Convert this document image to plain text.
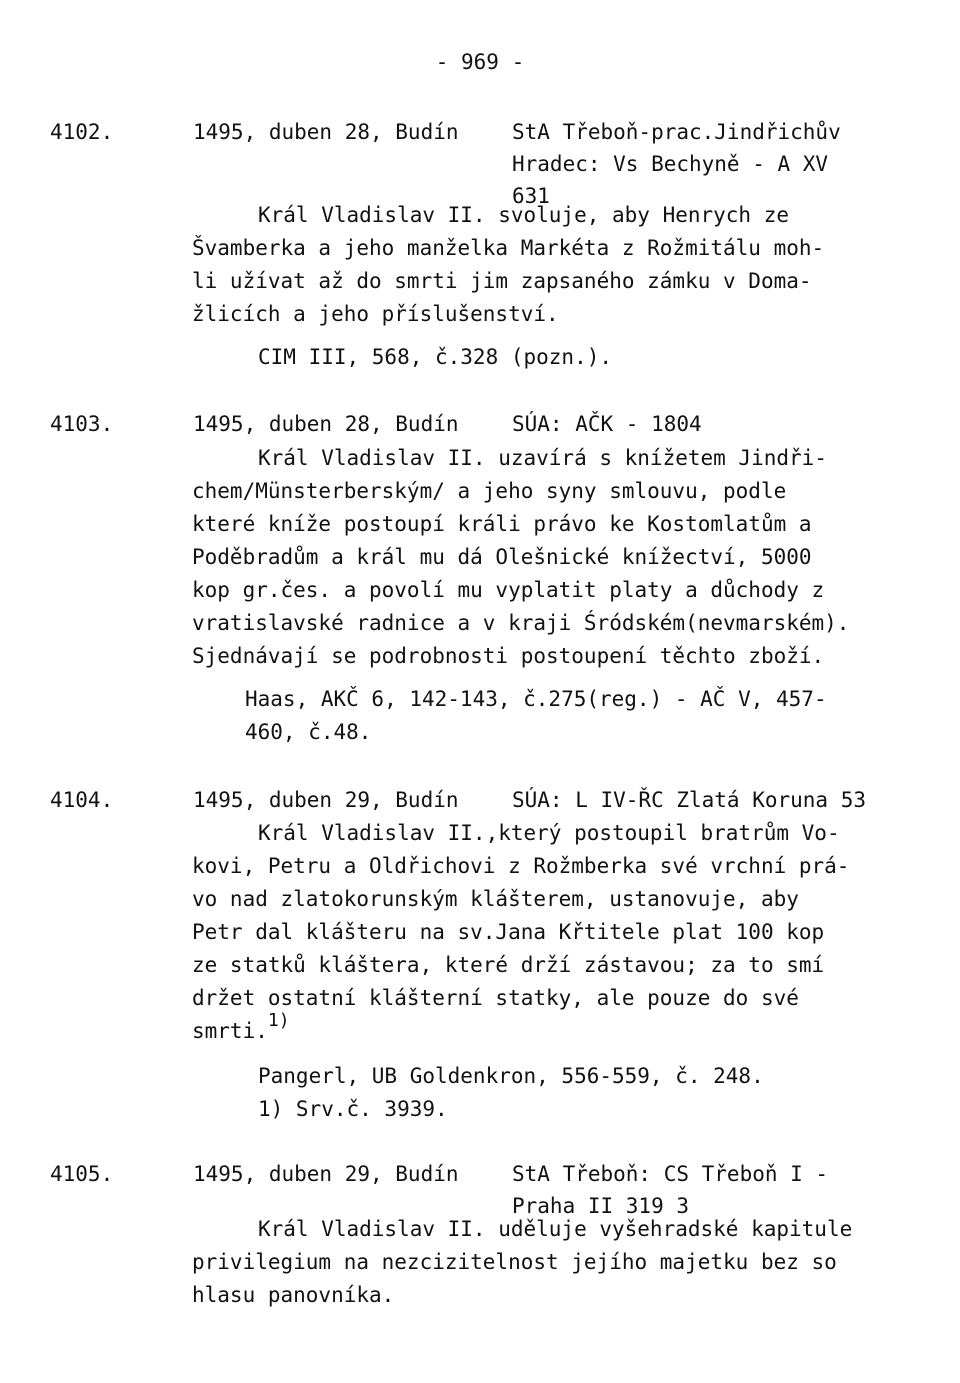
- 969 -
4102.	1495, duben 28, Budín	StA Třeboň-prac.Jindřichův
Hradec: Vs Bechyně - A XV
631
Král Vladislav II. svoluje, aby Henrych ze
Švamberka a jeho manželka Markéta z Rožmitálu moh-
li užívat až do smrti jim zapsaného zámku v Doma-
žlicích a jeho příslušenství.
CIM III, 568, č.328 (pozn.).
4103.	1495, duben 28, Budín	SÚA: AČK - 1804
Král Vladislav II. uzavírá s knížetem Jindři-
chem/Münsterberským/ a jeho syny smlouvu, podle
které kníže postoupí králi právo ke Kostomlatům a
Poděbradům a král mu dá Olešnické knížectví, 5000
kop gr.čes. a povolí mu vyplatit platy a důchody z
vratislavské radnice a v kraji Śródském(nevmarském).
Sjednávají se podrobnosti postoupení těchto zboží.
Haas, AKČ 6, 142-143, č.275(reg.) - AČ V, 457-
460, č.48.
4104.	1495, duben 29, Budín	SÚA: L IV-ŘC Zlatá Koruna 53
Král Vladislav II.,který postoupil bratrům Vo-
kovi, Petru a Oldřichovi z Rožmberka své vrchní prá-
vo nad zlatokorunským klášterem, ustanovuje, aby
Petr dal klášteru na sv.Jana Křtitele plat 100 kop
ze statků kláštera, které drží zástavou; za to smí
držet ostatní klášterní statky, ale pouze do své
smrti.1)
Pangerl, UB Goldenkron, 556-559, č. 248.
1) Srv.č. 3939.
4105.	1495, duben 29, Budín	StA Třeboň: CS Třeboň I -
Praha II 319 3
Král Vladislav II. uděluje vyšehradské kapitule
privilegium na nezcizitelnost jejího majetku bez so
hlasu panovníka.
